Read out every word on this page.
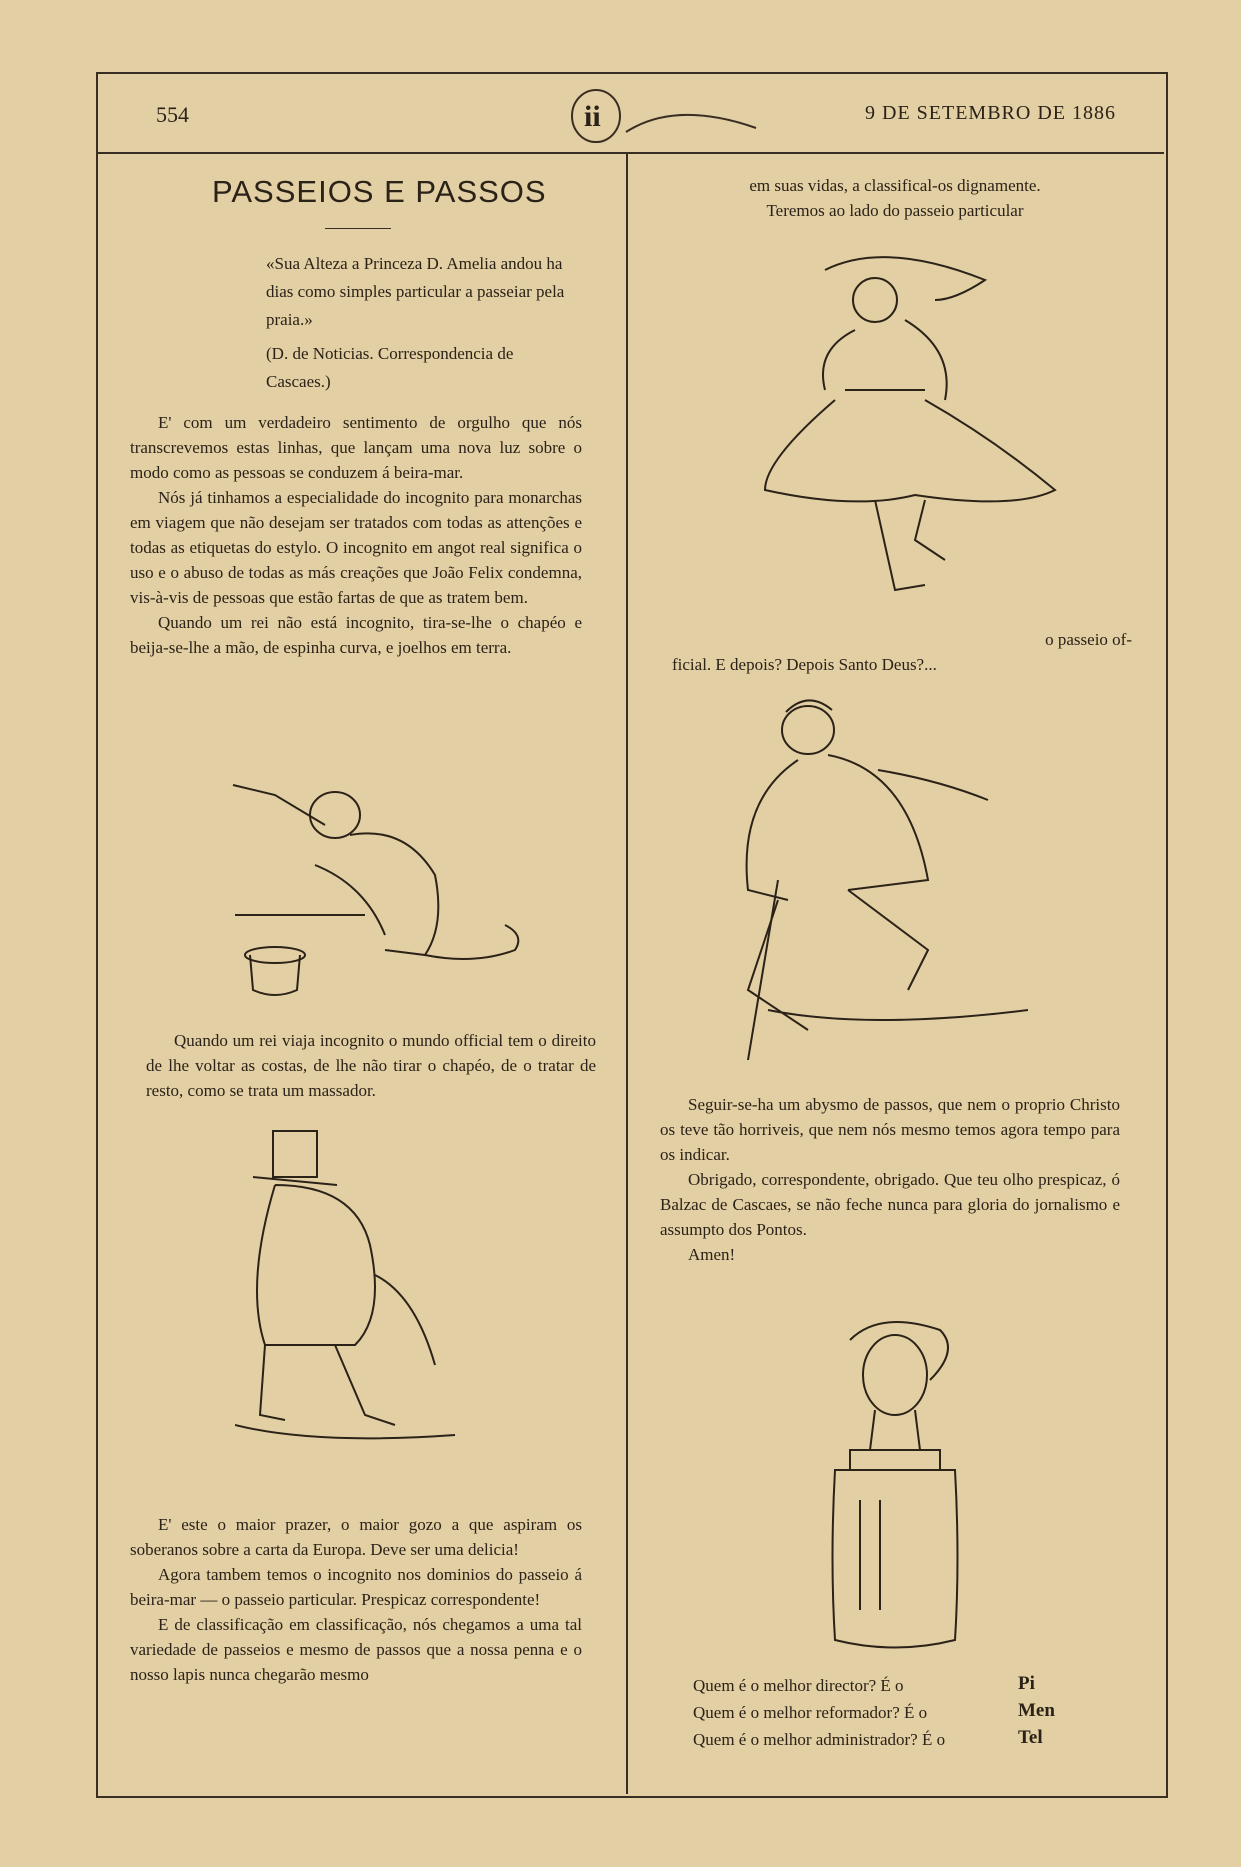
554	ii	9 DE SETEMBRO DE 1886
PASSEIOS E PASSOS

«Sua Alteza a Princeza D. Amelia andou ha dias como simples particular a passeiar pela praia.»

(D. de Noticias. Correspondencia de Cascaes.)

E' com um verdadeiro sentimento de orgulho que nós transcrevemos estas linhas, que lançam uma nova luz sobre o modo como as pessoas se conduzem á beira-mar.

Nós já tinhamos a especialidade do incognito para monarchas em viagem que não desejam ser tratados com todas as attenções e todas as etiquetas do estylo. O incognito em angot real significa o uso e o abuso de todas as más creações que João Felix condemna, vis-à-vis de pessoas que estão fartas de que as tratem bem.

Quando um rei não está incognito, tira-se-lhe o chapéo e beija-se-lhe a mão, de espinha curva, e joelhos em terra.

Quando um rei viaja incognito o mundo official tem o direito de lhe voltar as costas, de lhe não tirar o chapéo, de o tratar de resto, como se trata um massador.

E' este o maior prazer, o maior gozo a que aspiram os soberanos sobre a carta da Europa. Deve ser uma delicia!

Agora tambem temos o incognito nos dominios do passeio á beira-mar — o passeio particular. Prespicaz correspondente!

E de classificação em classificação, nós chegamos a uma tal variedade de passeios e mesmo de passos que a nossa penna e o nosso lapis nunca chegarão mesmo

em suas vidas, a classifical-os dignamente.

Teremos ao lado do passeio particular

o passeio of-

ficial. E depois? Depois Santo Deus?...

Seguir-se-ha um abysmo de passos, que nem o proprio Christo os teve tão horriveis, que nem nós mesmo temos agora tempo para os indicar.

Obrigado, correspondente, obrigado. Que teu olho prespicaz, ó Balzac de Cascaes, se não feche nunca para gloria do jornalismo e assumpto dos Pontos.

Amen!

Quem é o melhor director? É o
Quem é o melhor reformador? É o
Quem é o melhor administrador? É o
Pi
Men
Tel
